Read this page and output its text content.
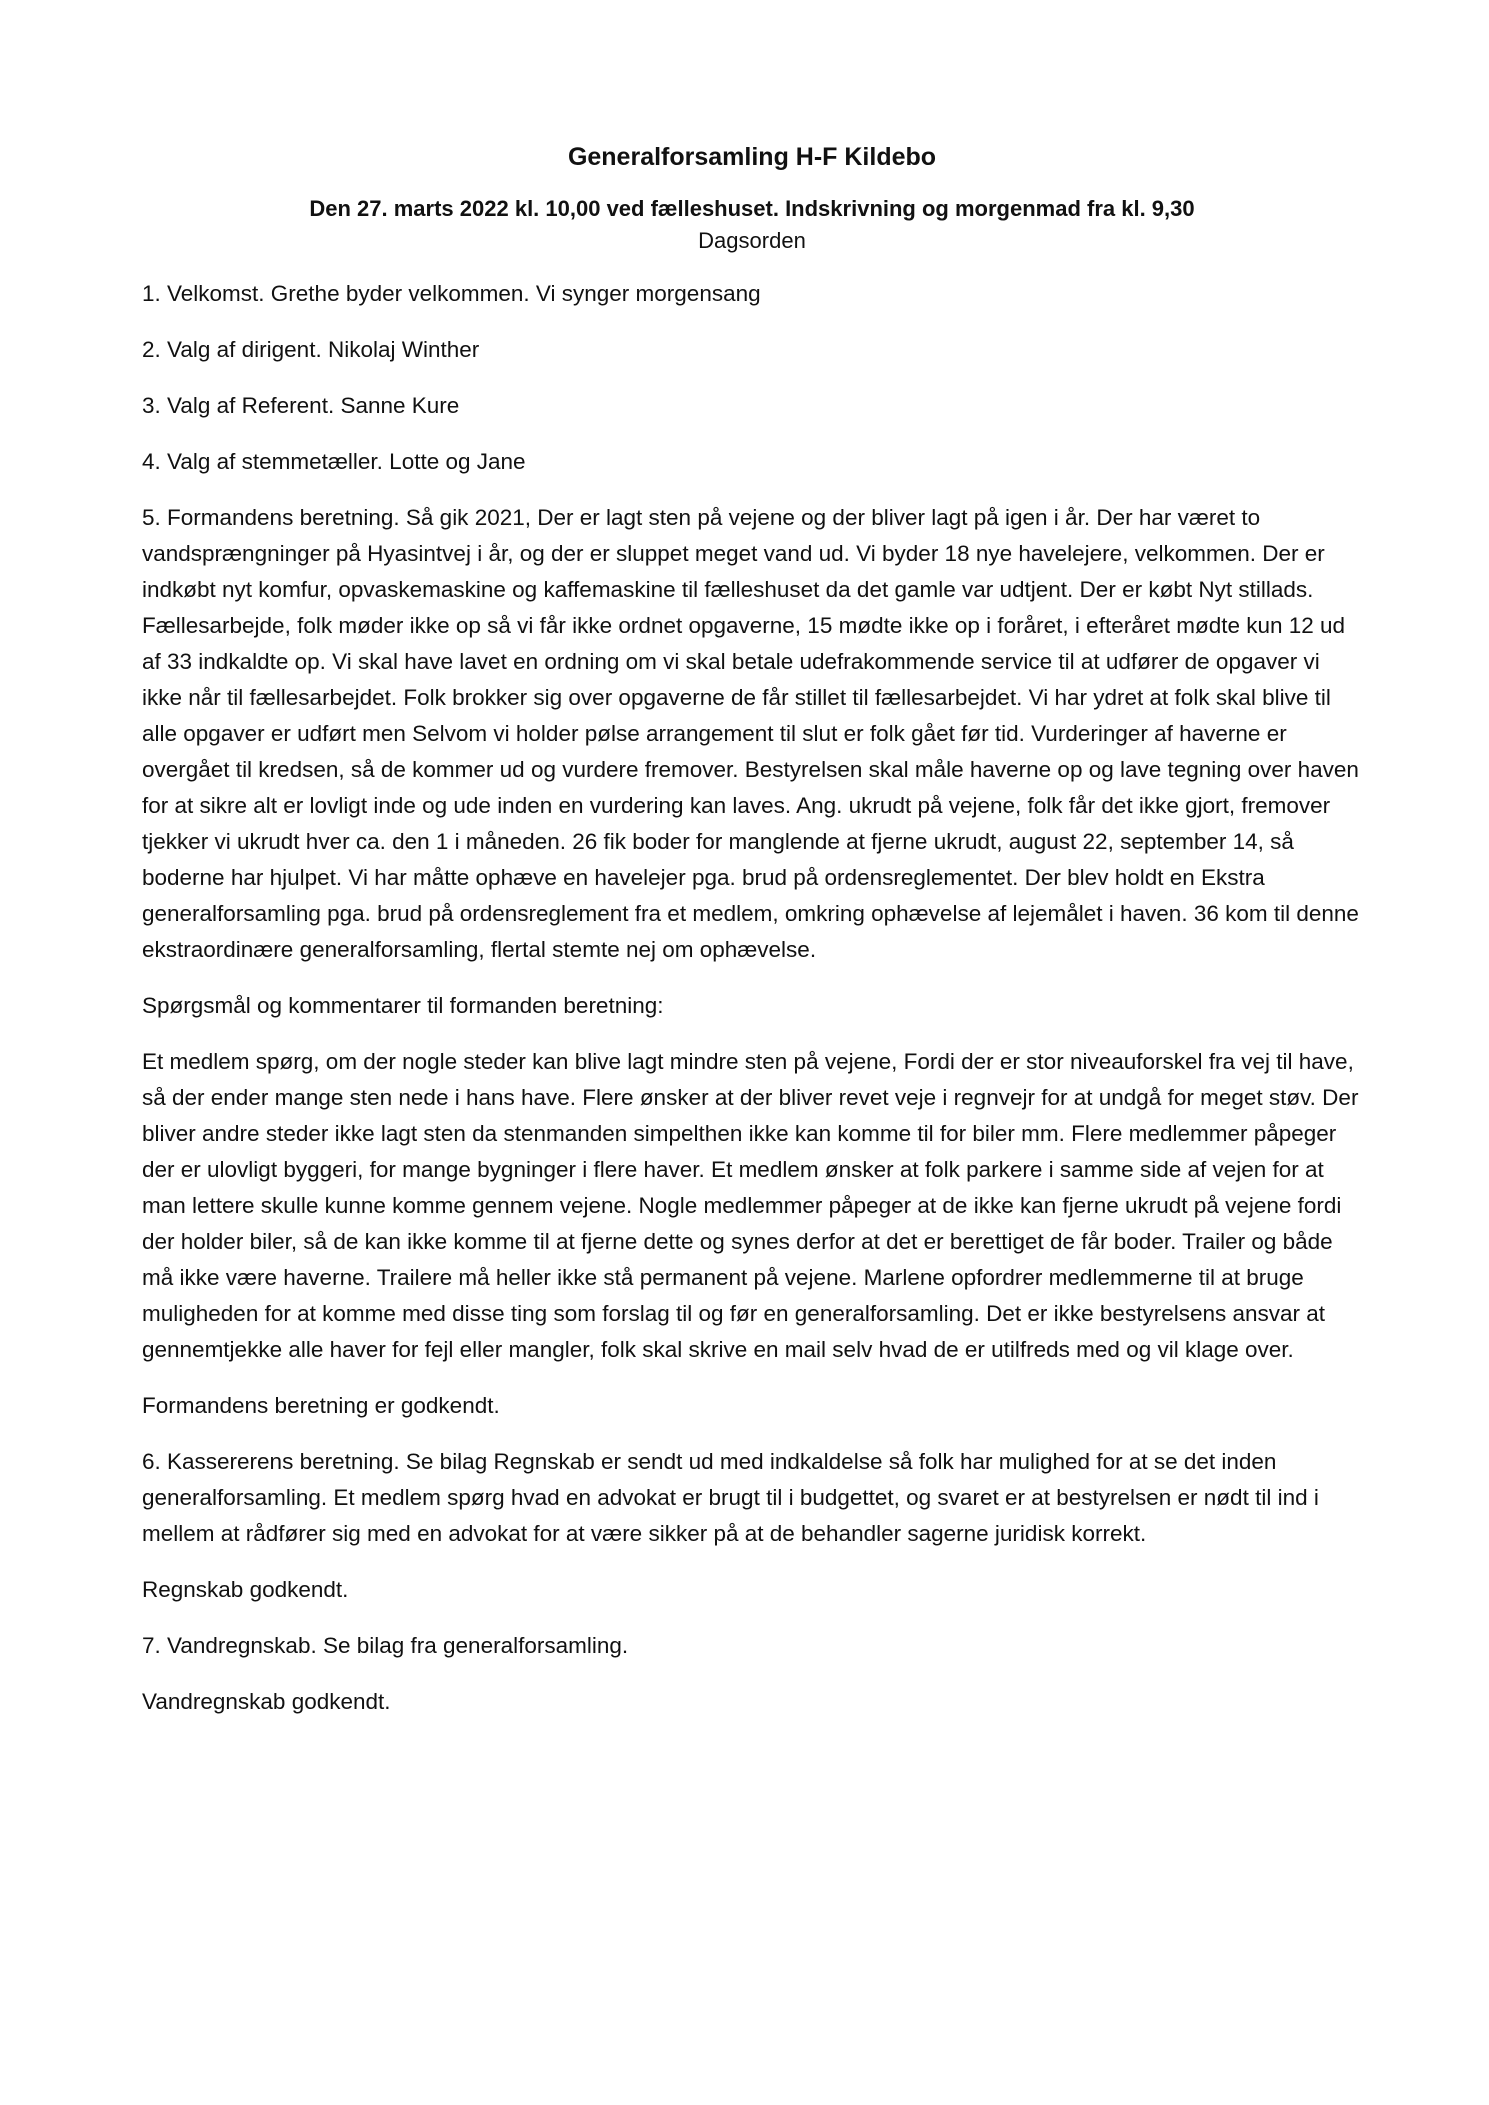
Generalforsamling H-F Kildebo

Den 27. marts 2022 kl. 10,00 ved fælleshuset. Indskrivning og morgenmad fra kl. 9,30

Dagsorden

1. Velkomst. Grethe byder velkommen. Vi synger morgensang

2. Valg af dirigent. Nikolaj Winther

3. Valg af Referent. Sanne Kure

4. Valg af stemmetæller. Lotte og Jane

5. Formandens beretning. Så gik 2021, Der er lagt sten på vejene og der bliver lagt på igen i år. Der har været to vandsprængninger på Hyasintvej i år, og der er sluppet meget vand ud. Vi byder 18 nye havelejere, velkommen. Der er indkøbt nyt komfur, opvaskemaskine og kaffemaskine til fælleshuset da det gamle var udtjent. Der er købt Nyt stillads. Fællesarbejde, folk møder ikke op så vi får ikke ordnet opgaverne, 15 mødte ikke op i foråret, i efteråret mødte kun 12 ud af 33 indkaldte op. Vi skal have lavet en ordning om vi skal betale udefrakommende service til at udfører de opgaver vi ikke når til fællesarbejdet. Folk brokker sig over opgaverne de får stillet til fællesarbejdet. Vi har ydret at folk skal blive til alle opgaver er udført men Selvom vi holder pølse arrangement til slut er folk gået før tid. Vurderinger af haverne er overgået til kredsen, så de kommer ud og vurdere fremover. Bestyrelsen skal måle haverne op og lave tegning over haven for at sikre alt er lovligt inde og ude inden en vurdering kan laves. Ang. ukrudt på vejene, folk får det ikke gjort, fremover tjekker vi ukrudt hver ca. den 1 i måneden. 26 fik boder for manglende at fjerne ukrudt, august 22, september 14, så boderne har hjulpet. Vi har måtte ophæve en havelejer pga. brud på ordensreglementet. Der blev holdt en Ekstra generalforsamling pga. brud på ordensreglement fra et medlem, omkring ophævelse af lejemålet i haven. 36 kom til denne ekstraordinære generalforsamling, flertal stemte nej om ophævelse.

Spørgsmål og kommentarer til formanden beretning:

Et medlem spørg, om der nogle steder kan blive lagt mindre sten på vejene, Fordi der er stor niveauforskel fra vej til have, så der ender mange sten nede i hans have. Flere ønsker at der bliver revet veje i regnvejr for at undgå for meget støv. Der bliver andre steder ikke lagt sten da stenmanden simpelthen ikke kan komme til for biler mm. Flere medlemmer påpeger der er ulovligt byggeri, for mange bygninger i flere haver. Et medlem ønsker at folk parkere i samme side af vejen for at man lettere skulle kunne komme gennem vejene. Nogle medlemmer påpeger at de ikke kan fjerne ukrudt på vejene fordi der holder biler, så de kan ikke komme til at fjerne dette og synes derfor at det er berettiget de får boder. Trailer og både må ikke være haverne. Trailere må heller ikke stå permanent på vejene. Marlene opfordrer medlemmerne til at bruge muligheden for at komme med disse ting som forslag til og før en generalforsamling. Det er ikke bestyrelsens ansvar at gennemtjekke alle haver for fejl eller mangler, folk skal skrive en mail selv hvad de er utilfreds med og vil klage over.

Formandens beretning er godkendt.

6. Kassererens beretning. Se bilag Regnskab er sendt ud med indkaldelse så folk har mulighed for at se det inden generalforsamling. Et medlem spørg hvad en advokat er brugt til i budgettet, og svaret er at bestyrelsen er nødt til ind i mellem at rådfører sig med en advokat for at være sikker på at de behandler sagerne juridisk korrekt.

Regnskab godkendt.

7. Vandregnskab. Se bilag fra generalforsamling.

Vandregnskab godkendt.
